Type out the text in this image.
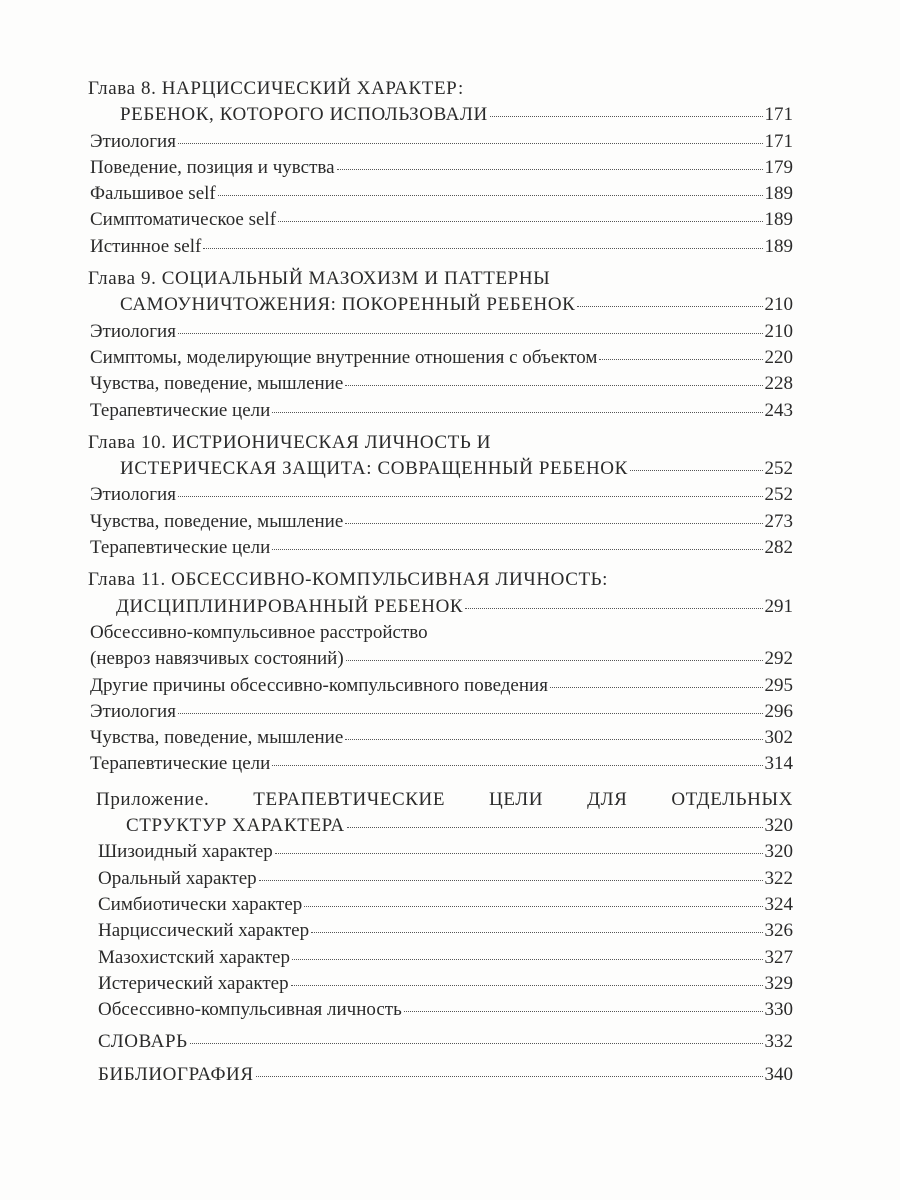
Глава 8. НАРЦИССИЧЕСКИЙ ХАРАКТЕР:
РЕБЕНОК, КОТОРОГО ИСПОЛЬЗОВАЛИ	171
Этиология	171
Поведение, позиция и чувства	179
Фальшивое self	189
Симптоматическое self	189
Истинное self	189
Глава 9. СОЦИАЛЬНЫЙ МАЗОХИЗМ И ПАТТЕРНЫ
САМОУНИЧТОЖЕНИЯ: ПОКОРЕННЫЙ РЕБЕНОК	210
Этиология	210
Симптомы, моделирующие внутренние отношения с объектом	220
Чувства, поведение, мышление	228
Терапевтические цели	243
Глава 10. ИСТРИОНИЧЕСКАЯ ЛИЧНОСТЬ И
ИСТЕРИЧЕСКАЯ ЗАЩИТА: СОВРАЩЕННЫЙ РЕБЕНОК	252
Этиология	252
Чувства, поведение, мышление	273
Терапевтические цели	282
Глава 11. ОБСЕССИВНО-КОМПУЛЬСИВНАЯ ЛИЧНОСТЬ:
ДИСЦИПЛИНИРОВАННЫЙ РЕБЕНОК	291
Обсессивно-компульсивное расстройство
(невроз навязчивых состояний)	292
Другие причины обсессивно-компульсивного поведения	295
Этиология	296
Чувства, поведение, мышление	302
Терапевтические цели	314
Приложение. ТЕРАПЕВТИЧЕСКИЕ ЦЕЛИ ДЛЯ ОТДЕЛЬНЫХ
СТРУКТУР ХАРАКТЕРА	320
Шизоидный характер	320
Оральный характер	322
Симбиотически характер	324
Нарциссический характер	326
Мазохистский характер	327
Истерический характер	329
Обсессивно-компульсивная личность	330
СЛОВАРЬ	332
БИБЛИОГРАФИЯ	340
